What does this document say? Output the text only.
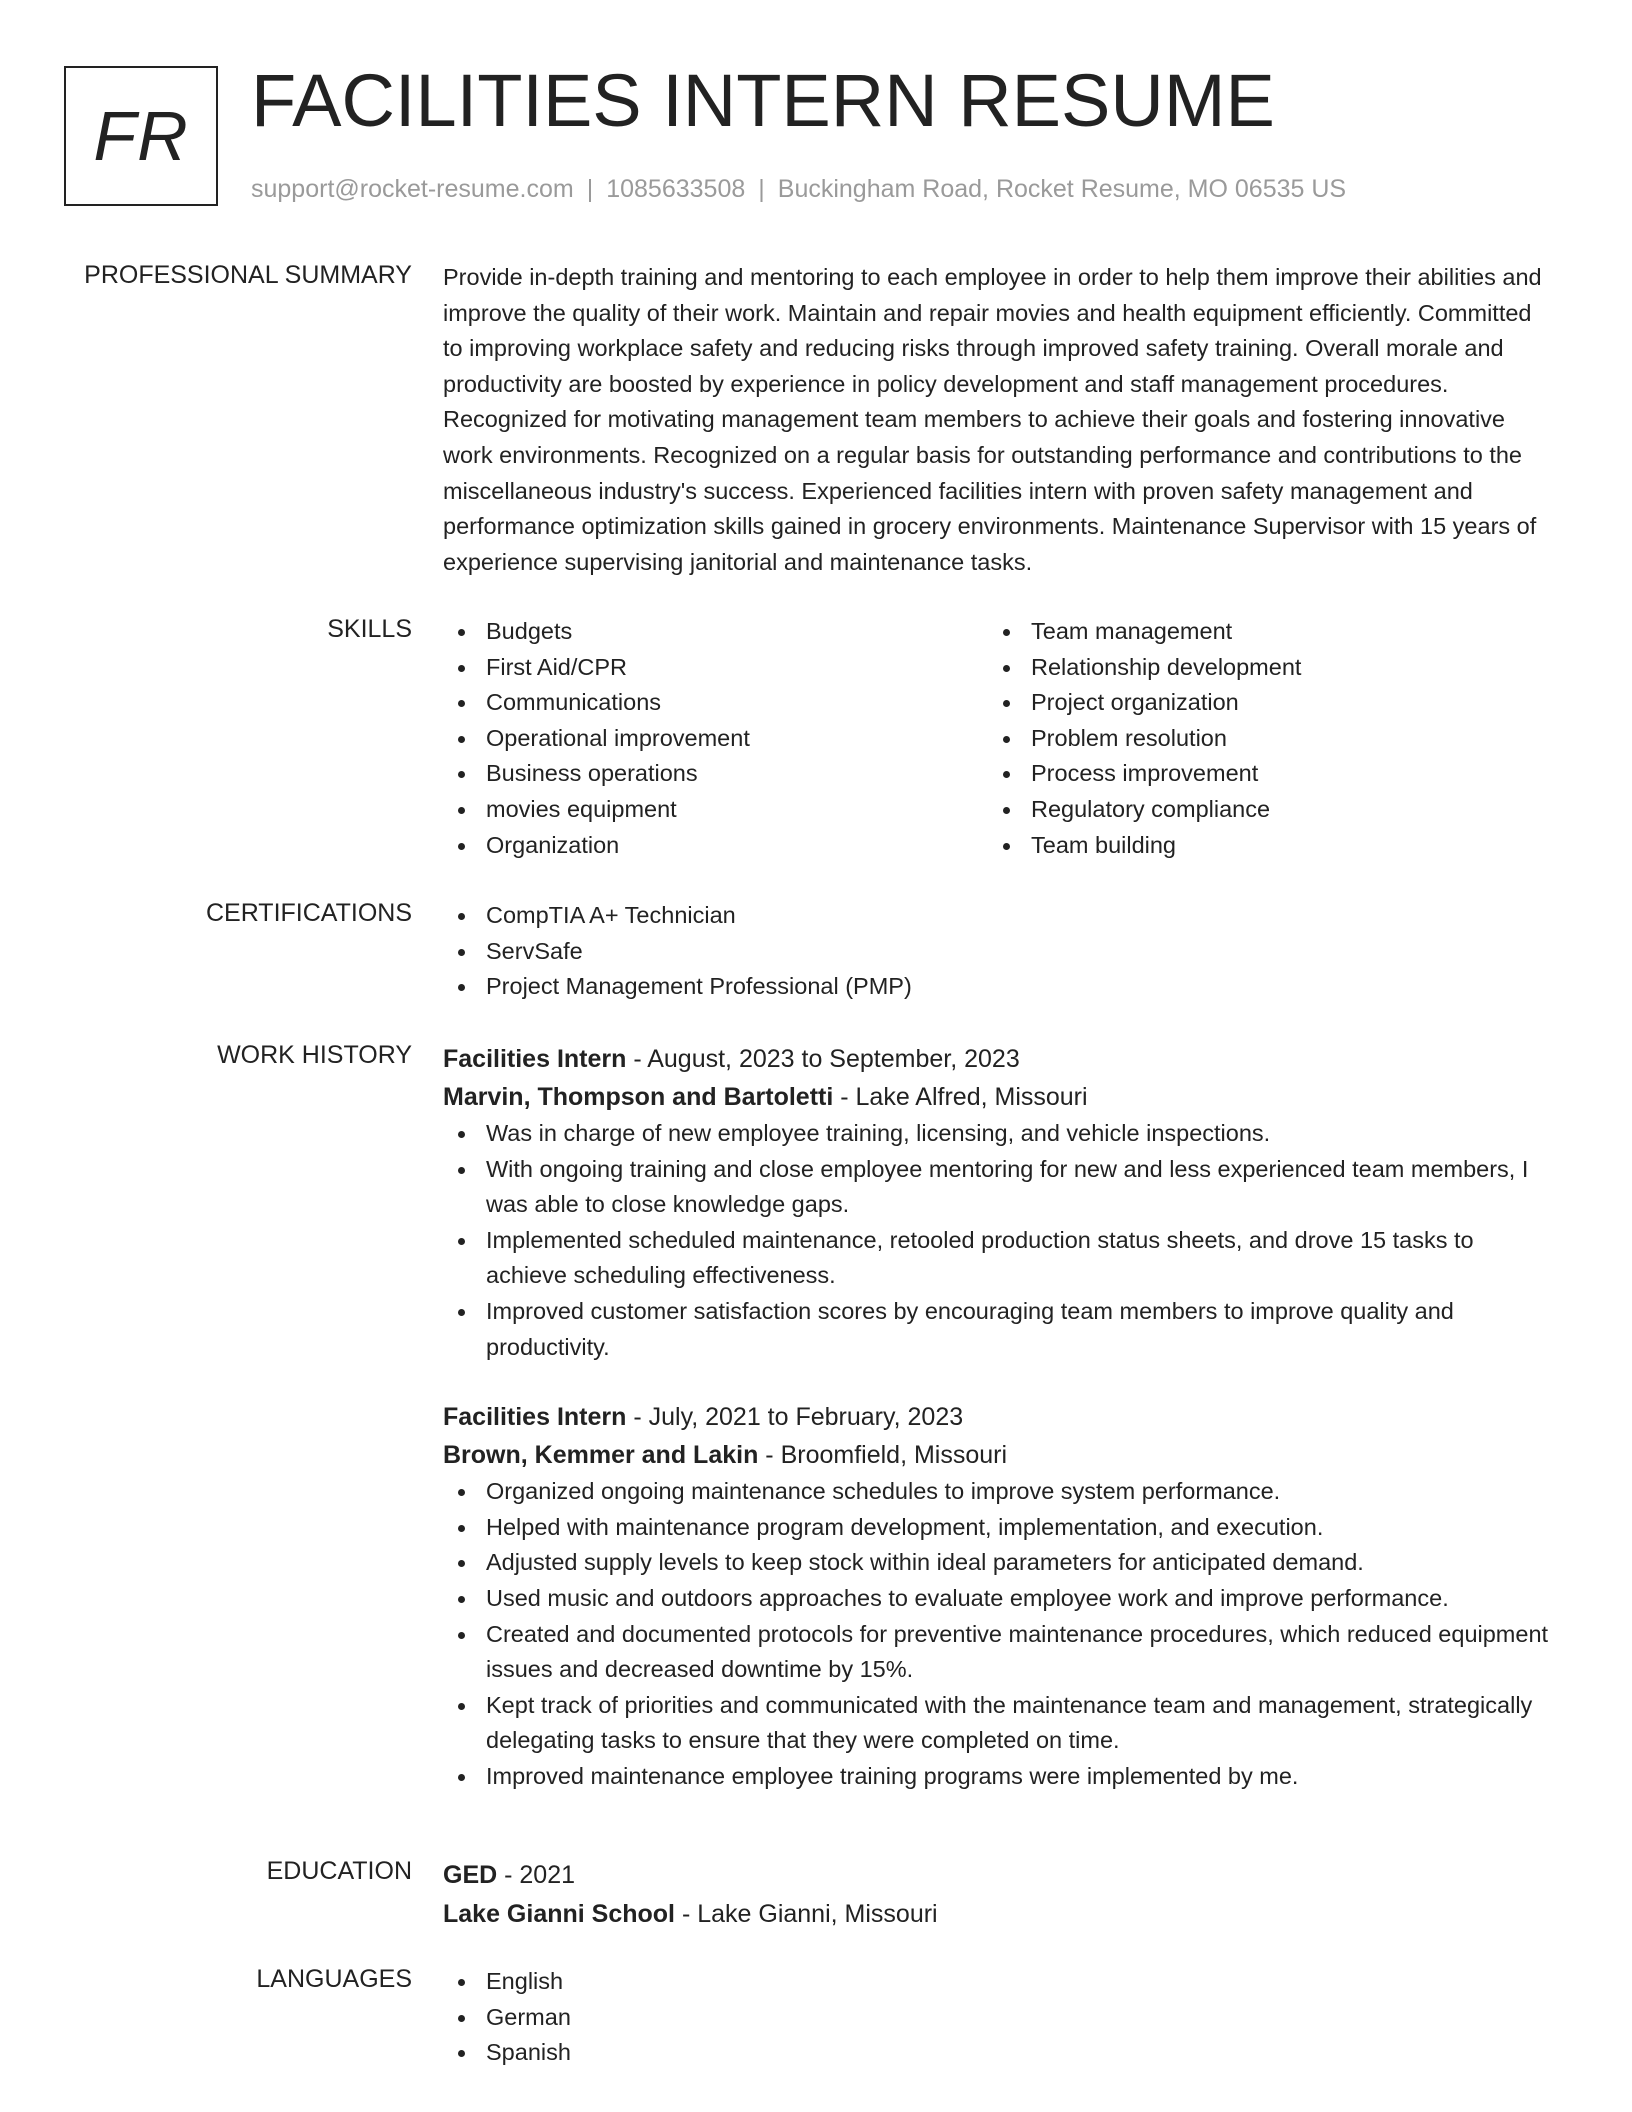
FR FACILITIES INTERN RESUME
support@rocket-resume.com | 1085633508 | Buckingham Road, Rocket Resume, MO 06535 US
PROFESSIONAL SUMMARY Provide in-depth training and mentoring to each employee in order to help them improve their abilities and improve the quality of their work. Maintain and repair movies and health equipment efficiently. Committed to improving workplace safety and reducing risks through improved safety training. Overall morale and productivity are boosted by experience in policy development and staff management procedures. Recognized for motivating management team members to achieve their goals and fostering innovative work environments. Recognized on a regular basis for outstanding performance and contributions to the miscellaneous industry's success. Experienced facilities intern with proven safety management and performance optimization skills gained in grocery environments. Maintenance Supervisor with 15 years of experience supervising janitorial and maintenance tasks.

SKILLS	Budgets
First Aid/CPR
Communications
Operational improvement
Business operations
movies equipment
Organization
Team management
Relationship development
Project organization
Problem resolution
Process improvement
Regulatory compliance
Team building
CERTIFICATIONS	CompTIA A+ Technician
ServSafe
Project Management Professional (PMP)
WORK HISTORY Facilities Intern - August, 2023 to September, 2023
Marvin, Thompson and Bartoletti - Lake Alfred, Missouri
Was in charge of new employee training, licensing, and vehicle inspections.
With ongoing training and close employee mentoring for new and less experienced team members, I was able to close knowledge gaps.
Implemented scheduled maintenance, retooled production status sheets, and drove 15 tasks to achieve scheduling effectiveness.
Improved customer satisfaction scores by encouraging team members to improve quality and productivity.
Facilities Intern - July, 2021 to February, 2023
Brown, Kemmer and Lakin - Broomfield, Missouri
Organized ongoing maintenance schedules to improve system performance.
Helped with maintenance program development, implementation, and execution.
Adjusted supply levels to keep stock within ideal parameters for anticipated demand.
Used music and outdoors approaches to evaluate employee work and improve performance.
Created and documented protocols for preventive maintenance procedures, which reduced equipment issues and decreased downtime by 15%.
Kept track of priorities and communicated with the maintenance team and management, strategically delegating tasks to ensure that they were completed on time.
Improved maintenance employee training programs were implemented by me.
EDUCATION GED - 2021
Lake Gianni School - Lake Gianni, Missouri
LANGUAGES	English
German
Spanish
